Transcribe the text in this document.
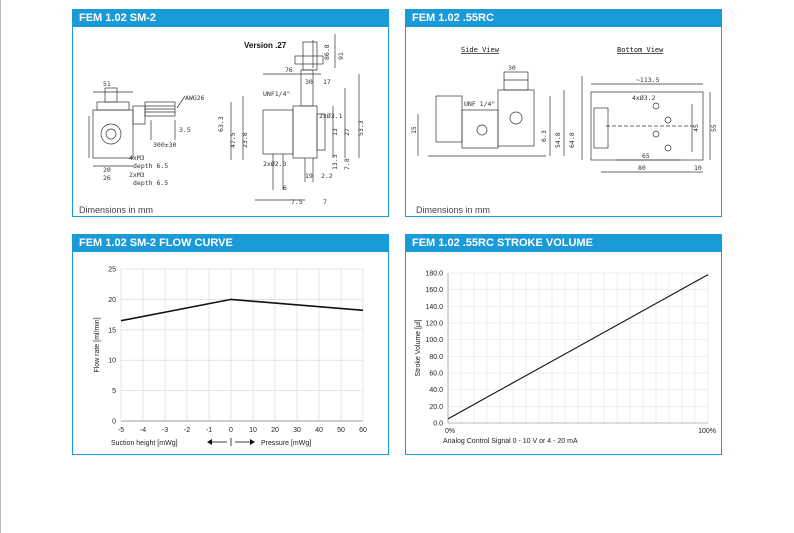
FEM 1.02 SM-2
Dimensions in mm
Version .27
51
AWG26
300±30
76
86.8 91
UNF1/4"
30 17
2xØ3.1
3.5	63.3
47.5 23.8
13 27 53.3
13.3 7.8
2xØ2.3
19 2.2
6
7.5	7
4xM3
depth 6.5
2xM3
depth 6.5
20
26
FEM 1.02 .55RC
Dimensions in mm
Side View	Bottom View
30
UNF 1/4"
15
6.3 54.8 64.8
~113.5
4xØ3.2
45 55
65
80	10
FEM 1.02 SM-2 FLOW CURVE
-5 -4 -3 -2 -1 0 10 20 30 40 50 60
0
5
10
15
20
25
Flow rate [ml/min]
Suction height [mWg]	Pressure [mWg]
FEM 1.02 .55RC STROKE VOLUME
0.0
20.0
40.0
60.0
80.0
100.0
120.0
140.0
160.0
180.0
0%	100%
Analog Control Signal 0 - 10 V or 4 - 20 mA
Stroke Volume [µl]
